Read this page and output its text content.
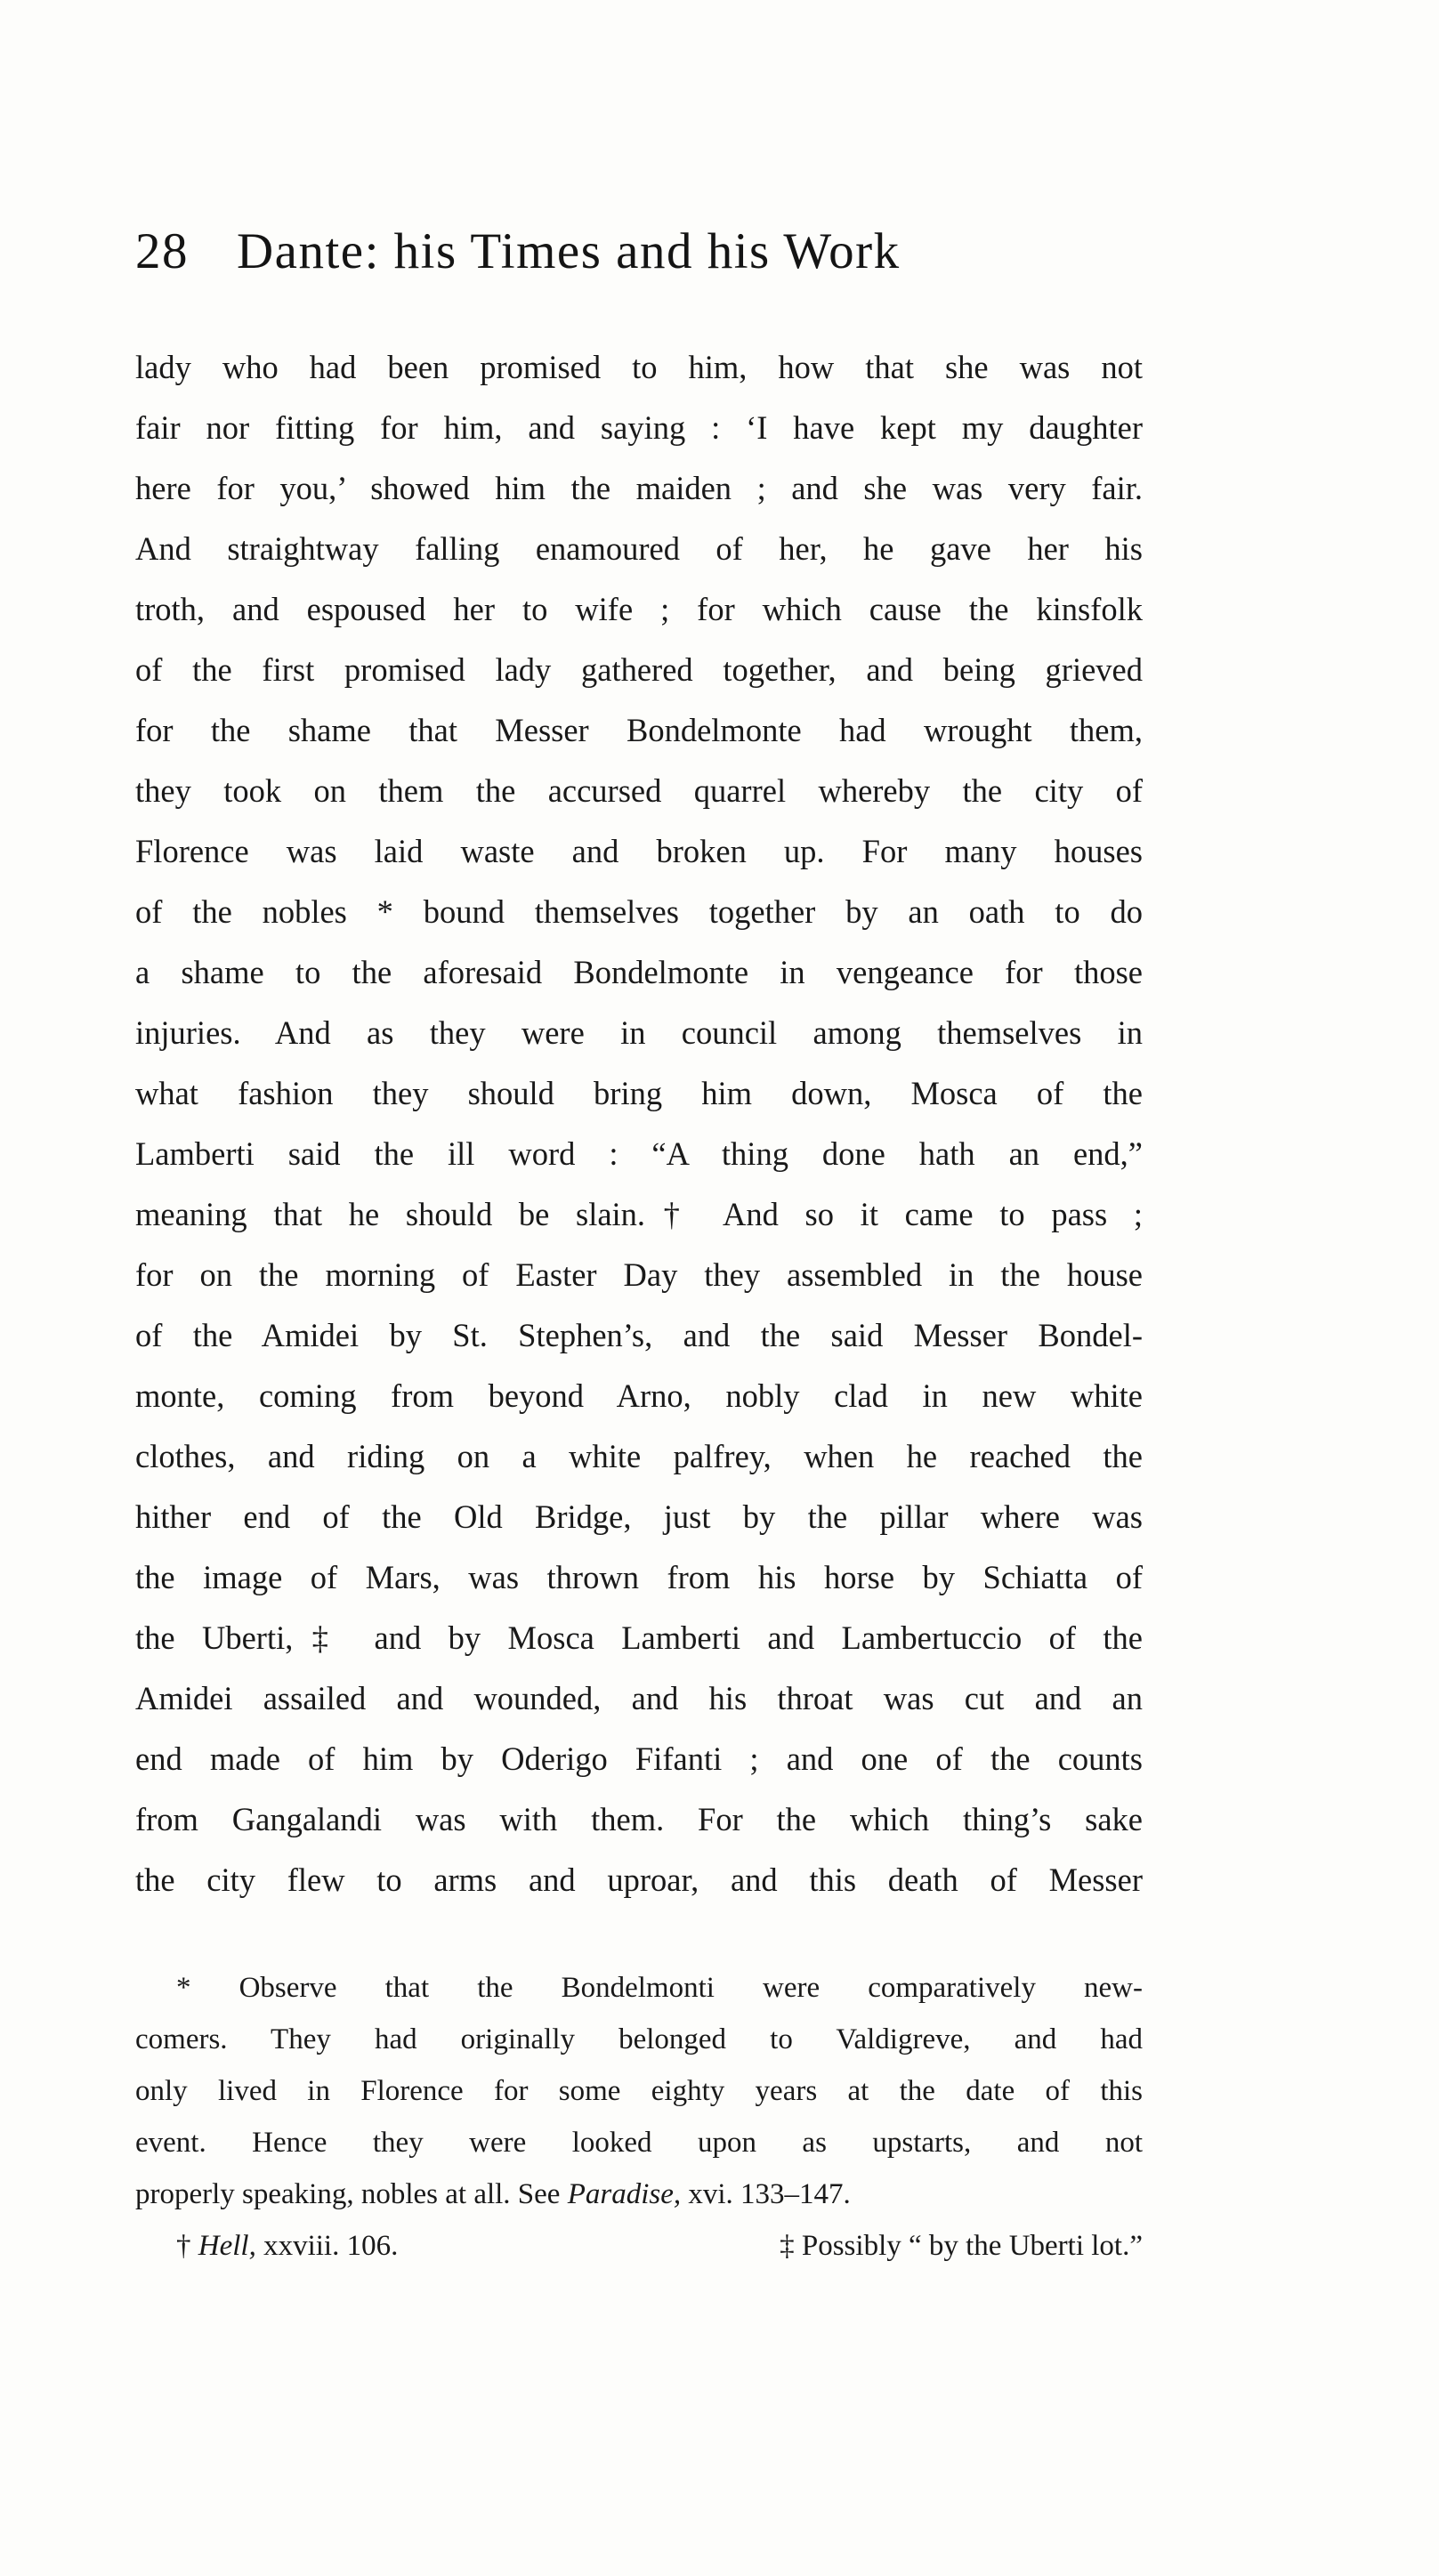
28 Dante: his Times and his Work
lady who had been promised to him, how that she was not
fair nor fitting for him, and saying : ‘I have kept my daughter
here for you,’ showed him the maiden ; and she was very fair.
And straightway falling enamoured of her, he gave her his
troth, and espoused her to wife ; for which cause the kinsfolk
of the first promised lady gathered together, and being grieved
for the shame that Messer Bondelmonte had wrought them,
they took on them the accursed quarrel whereby the city of
Florence was laid waste and broken up. For many houses
of the nobles * bound themselves together by an oath to do
a shame to the aforesaid Bondelmonte in vengeance for those
injuries. And as they were in council among themselves in
what fashion they should bring him down, Mosca of the
Lamberti said the ill word : “A thing done hath an end,”
meaning that he should be slain.† And so it came to pass ;
for on the morning of Easter Day they assembled in the house
of the Amidei by St. Stephen’s, and the said Messer Bondel-
monte, coming from beyond Arno, nobly clad in new white
clothes, and riding on a white palfrey, when he reached the
hither end of the Old Bridge, just by the pillar where was
the image of Mars, was thrown from his horse by Schiatta of
the Uberti,‡ and by Mosca Lamberti and Lambertuccio of the
Amidei assailed and wounded, and his throat was cut and an
end made of him by Oderigo Fifanti ; and one of the counts
from Gangalandi was with them. For the which thing’s sake
the city flew to arms and uproar, and this death of Messer
* Observe that the Bondelmonti were comparatively new-
comers. They had originally belonged to Valdigreve, and had
only lived in Florence for some eighty years at the date of this
event. Hence they were looked upon as upstarts, and not
properly speaking, nobles at all. See Paradise, xvi. 133–147.
† Hell, xxviii. 106.	‡ Possibly “ by the Uberti lot.”
